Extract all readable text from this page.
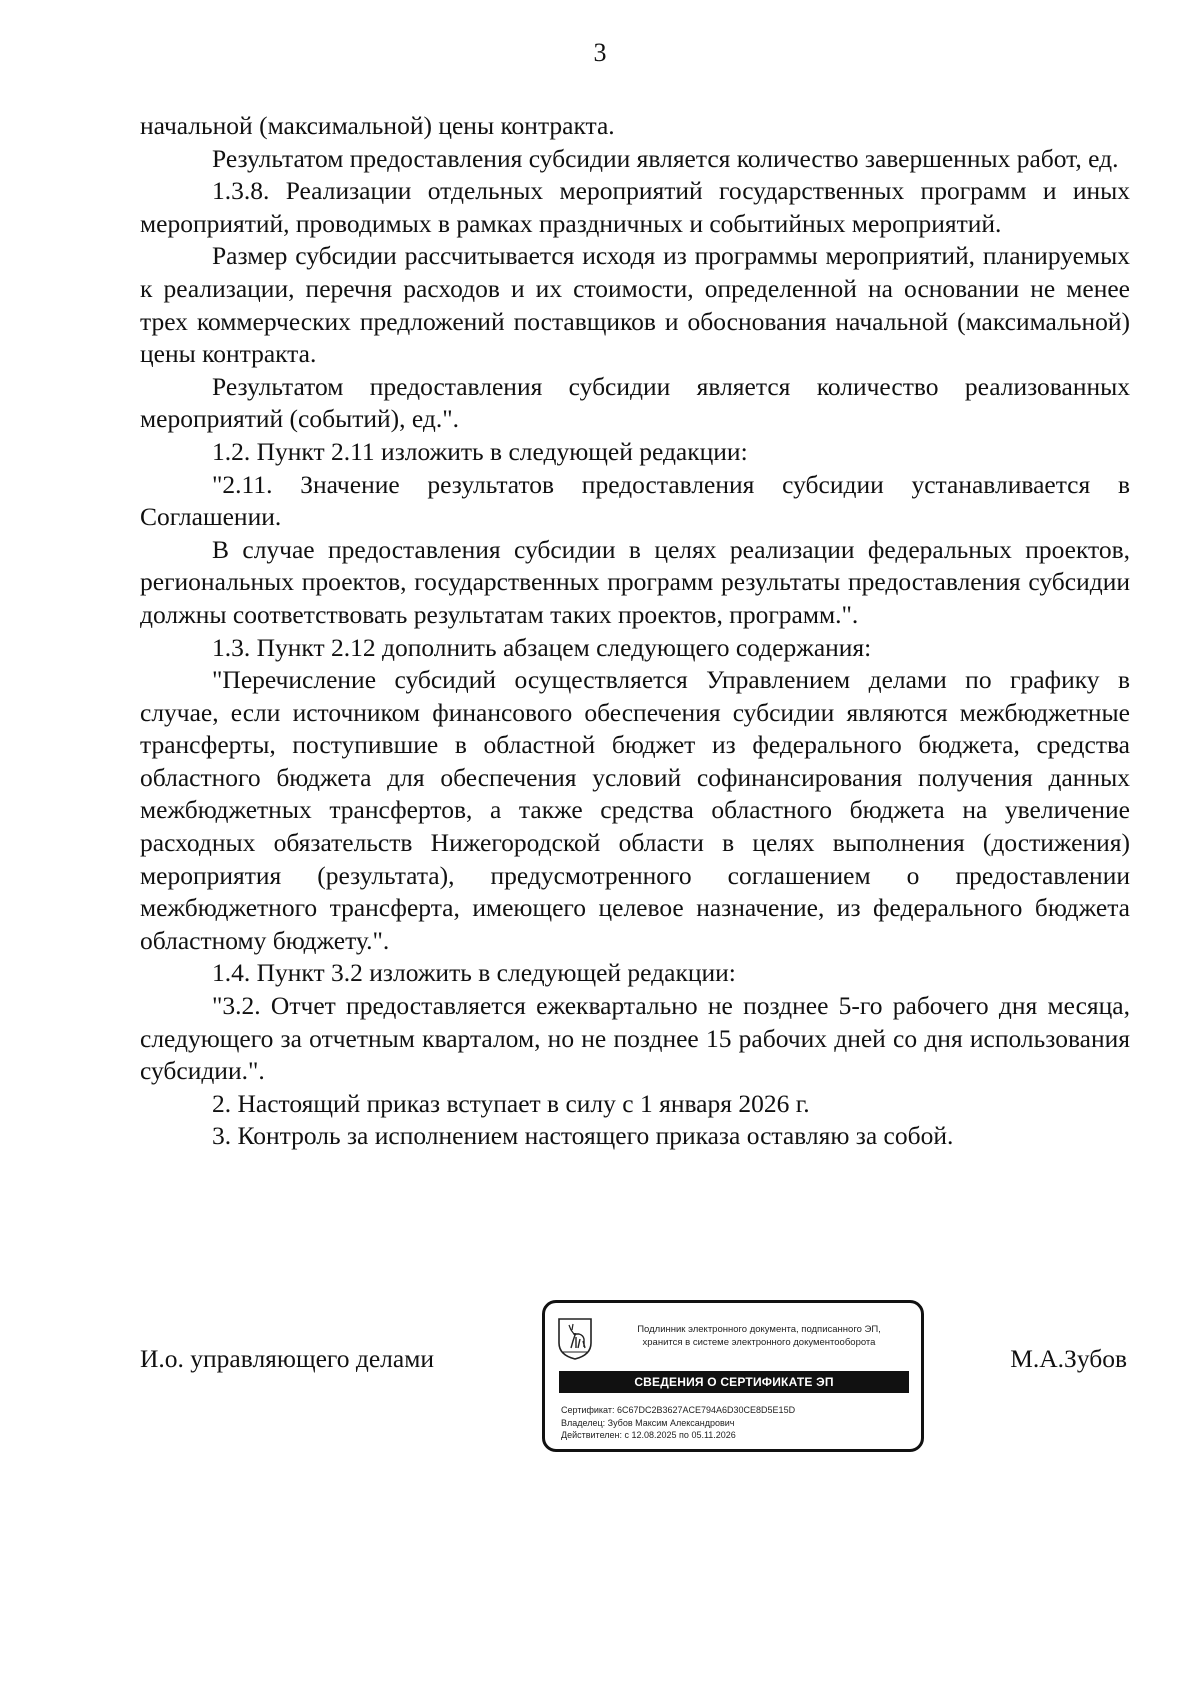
3

начальной (максимальной) цены контракта.

Результатом предоставления субсидии является количество завершенных работ, ед.

1.3.8. Реализации отдельных мероприятий государственных программ и иных мероприятий, проводимых в рамках праздничных и событийных мероприятий.

Размер субсидии рассчитывается исходя из программы мероприятий, планируемых к реализации, перечня расходов и их стоимости, определенной на основании не менее трех коммерческих предложений поставщиков и обоснования начальной (максимальной) цены контракта.

Результатом предоставления субсидии является количество реализованных мероприятий (событий), ед.".

1.2. Пункт 2.11 изложить в следующей редакции:

"2.11. Значение результатов предоставления субсидии устанавливается в Соглашении.

В случае предоставления субсидии в целях реализации федеральных проектов, региональных проектов, государственных программ результаты предоставления субсидии должны соответствовать результатам таких проектов, программ.".

1.3. Пункт 2.12 дополнить абзацем следующего содержания:

"Перечисление субсидий осуществляется Управлением делами по графику в случае, если источником финансового обеспечения субсидии являются межбюджетные трансферты, поступившие в областной бюджет из федерального бюджета, средства областного бюджета для обеспечения условий софинансирования получения данных межбюджетных трансфертов, а также средства областного бюджета на увеличение расходных обязательств Нижегородской области в целях выполнения (достижения) мероприятия (результата), предусмотренного соглашением о предоставлении межбюджетного трансферта, имеющего целевое назначение, из федерального бюджета областному бюджету.".

1.4. Пункт 3.2 изложить в следующей редакции:

"3.2. Отчет предоставляется ежеквартально не позднее 5-го рабочего дня месяца, следующего за отчетным кварталом, но не позднее 15 рабочих дней со дня использования субсидии.".

2. Настоящий приказ вступает в силу с 1 января 2026 г.

3. Контроль за исполнением настоящего приказа оставляю за собой.

И.о. управляющего делами
Подлинник электронного документа, подписанного ЭП,
хранится в системе электронного документооборота
СВЕДЕНИЯ О СЕРТИФИКАТЕ ЭП
Сертификат: 6C67DC2B3627ACE794A6D30CE8D5E15D
Владелец: Зубов Максим Александрович
Действителен: с 12.08.2025 по 05.11.2026
М.А.Зубов
